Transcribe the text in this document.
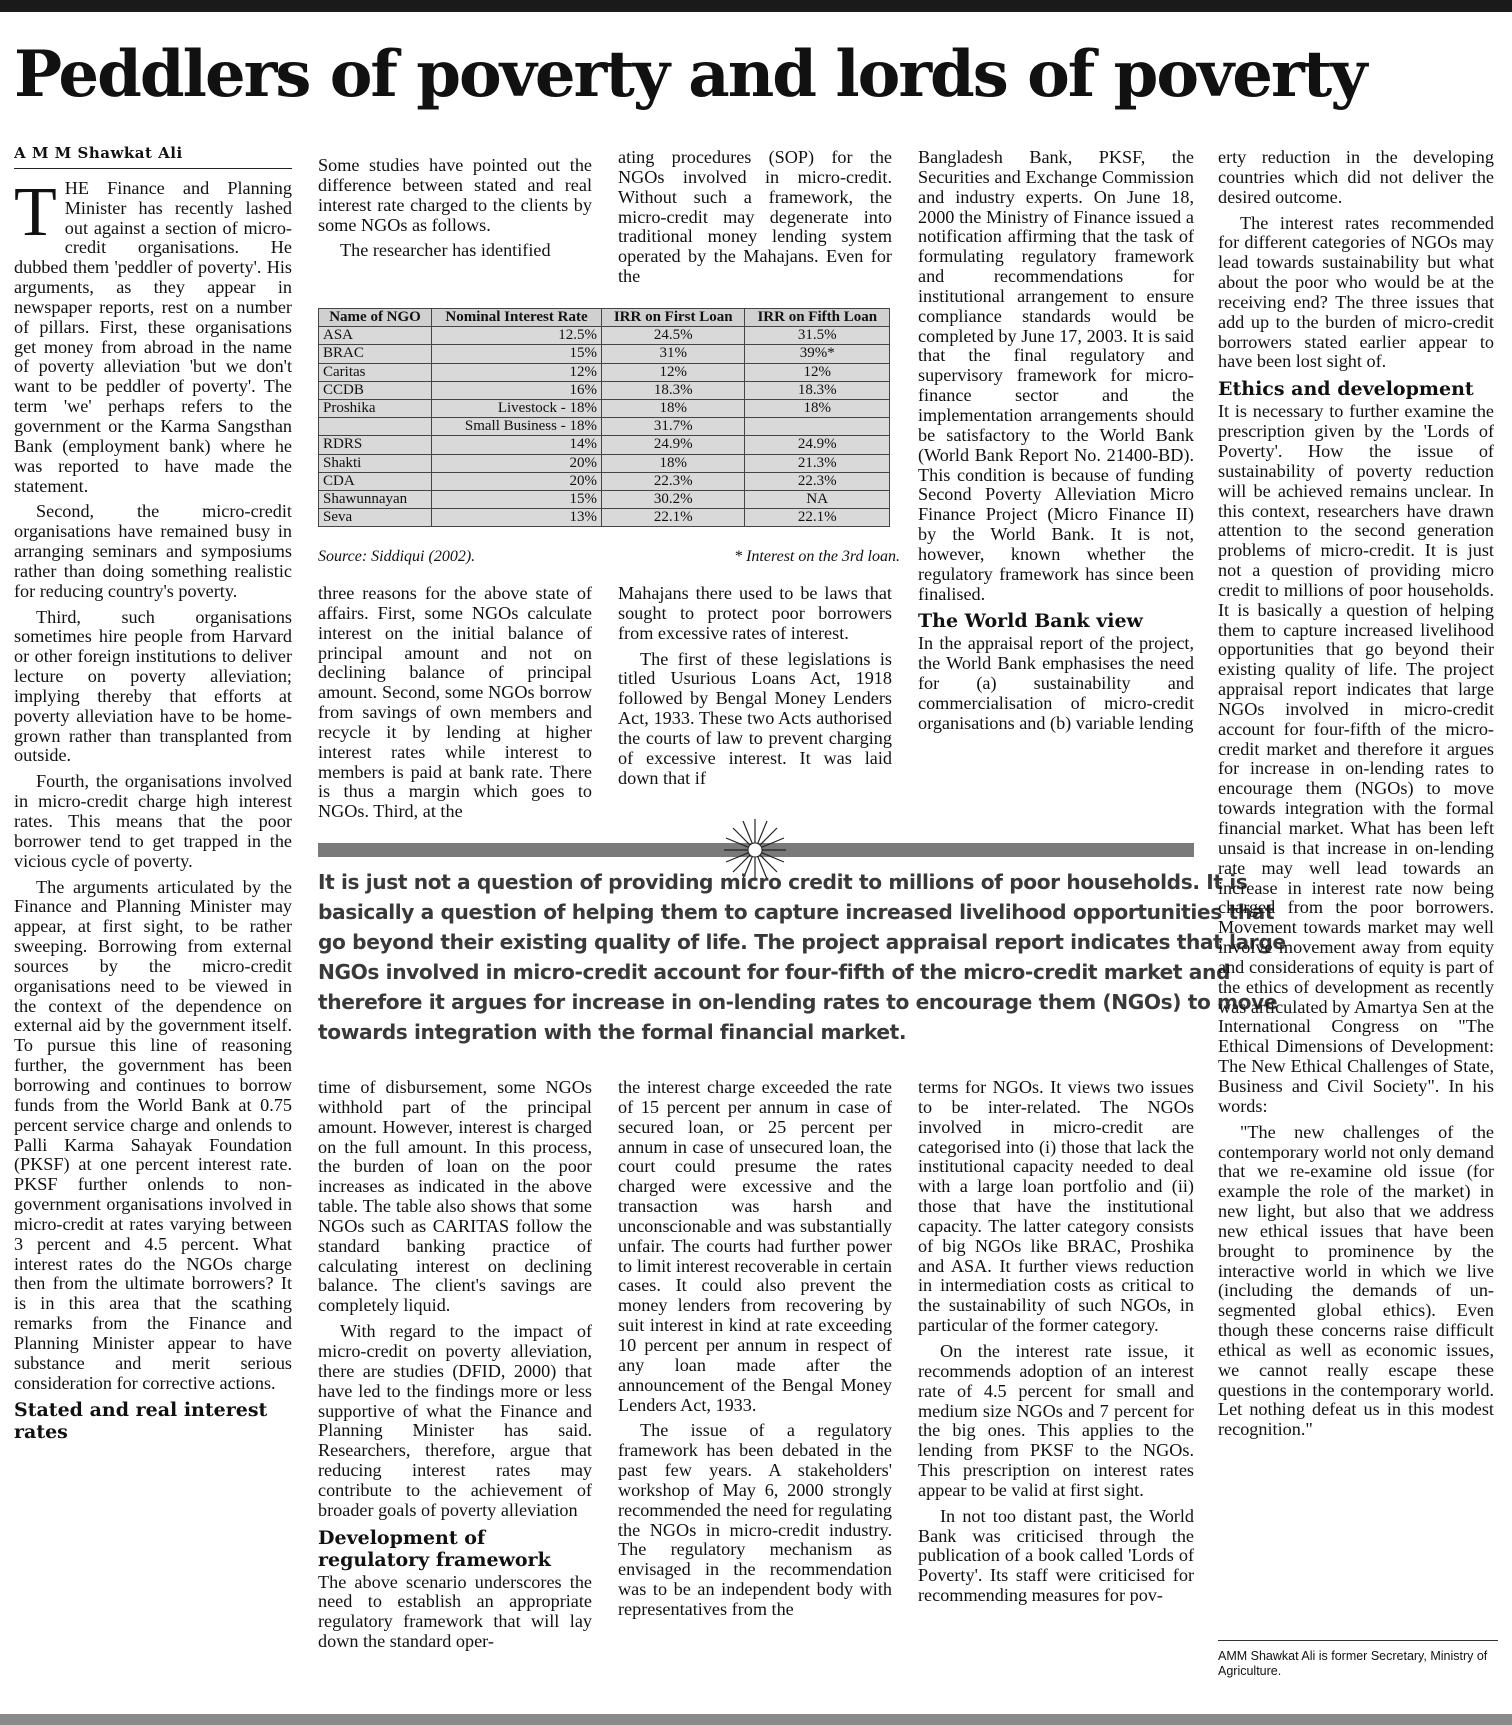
Peddlers of poverty and lords of poverty
A M M Shawkat Ali

THE Finance and Planning Minister has recently lashed out against a section of micro-credit organisations. He dubbed them 'peddler of poverty'. His arguments, as they appear in newspaper reports, rest on a number of pillars. First, these organisations get money from abroad in the name of poverty alleviation 'but we don't want to be peddler of poverty'. The term 'we' perhaps refers to the government or the Karma Sangsthan Bank (employment bank) where he was reported to have made the statement.

Second, the micro-credit organisations have remained busy in arranging seminars and symposiums rather than doing something realistic for reducing country's poverty.

Third, such organisations sometimes hire people from Harvard or other foreign institutions to deliver lecture on poverty alleviation; implying thereby that efforts at poverty alleviation have to be home-grown rather than transplanted from outside.

Fourth, the organisations involved in micro-credit charge high interest rates. This means that the poor borrower tend to get trapped in the vicious cycle of poverty.

The arguments articulated by the Finance and Planning Minister may appear, at first sight, to be rather sweeping. Borrowing from external sources by the micro-credit organisations need to be viewed in the context of the dependence on external aid by the government itself. To pursue this line of reasoning further, the government has been borrowing and continues to borrow funds from the World Bank at 0.75 percent service charge and onlends to Palli Karma Sahayak Foundation (PKSF) at one percent interest rate. PKSF further onlends to non-government organisations involved in micro-credit at rates varying between 3 percent and 4.5 percent. What interest rates do the NGOs charge then from the ultimate borrowers? It is in this area that the scathing remarks from the Finance and Planning Minister appear to have substance and merit serious consideration for corrective actions.

Stated and real interest rates

Some studies have pointed out the difference between stated and real interest rate charged to the clients by some NGOs as follows.

The researcher has identified

ating procedures (SOP) for the NGOs involved in micro-credit. Without such a framework, the micro-credit may degenerate into traditional money lending system operated by the Mahajans. Even for the

Bangladesh Bank, PKSF, the Securities and Exchange Commission and industry experts. On June 18, 2000 the Ministry of Finance issued a notification affirming that the task of formulating regulatory framework and recommendations for institutional arrangement to ensure compliance standards would be completed by June 17, 2003. It is said that the final regulatory and supervisory framework for micro-finance sector and the implementation arrangements should be satisfactory to the World Bank (World Bank Report No. 21400-BD). This condition is because of funding Second Poverty Alleviation Micro Finance Project (Micro Finance II) by the World Bank. It is not, however, known whether the regulatory framework has since been finalised.

The World Bank view

In the appraisal report of the project, the World Bank emphasises the need for (a) sustainability and commercialisation of micro-credit organisations and (b) variable lending

Name of NGO	Nominal Interest Rate	IRR on First Loan	IRR on Fifth Loan
ASA	12.5%	24.5%	31.5%
BRAC	15%	31%	39%*
Caritas	12%	12%	12%
CCDB	16%	18.3%	18.3%
Proshika	Livestock - 18%	18%	18%
	Small Business - 18%	31.7%	
RDRS	14%	24.9%	24.9%
Shakti	20%	18%	21.3%
CDA	20%	22.3%	22.3%
Shawunnayan	15%	30.2%	NA
Seva	13%	22.1%	22.1%
Source: Siddiqui (2002).	* Interest on the 3rd loan.

three reasons for the above state of affairs. First, some NGOs calculate interest on the initial balance of principal amount and not on declining balance of principal amount. Second, some NGOs borrow from savings of own members and recycle it by lending at higher interest rates while interest to members is paid at bank rate. There is thus a margin which goes to NGOs. Third, at the

Mahajans there used to be laws that sought to protect poor borrowers from excessive rates of interest.

The first of these legislations is titled Usurious Loans Act, 1918 followed by Bengal Money Lenders Act, 1933. These two Acts authorised the courts of law to prevent charging of excessive interest. It was laid down that if

It is just not a question of providing micro credit to millions of poor households. It is
basically a question of helping them to capture increased livelihood opportunities that
go beyond their existing quality of life. The project appraisal report indicates that large
NGOs involved in micro-credit account for four-fifth of the micro-credit market and
therefore it argues for increase in on-lending rates to encourage them (NGOs) to move
towards integration with the formal financial market.

time of disbursement, some NGOs withhold part of the principal amount. However, interest is charged on the full amount. In this process, the burden of loan on the poor increases as indicated in the above table. The table also shows that some NGOs such as CARITAS follow the standard banking practice of calculating interest on declining balance. The client's savings are completely liquid.

With regard to the impact of micro-credit on poverty alleviation, there are studies (DFID, 2000) that have led to the findings more or less supportive of what the Finance and Planning Minister has said. Researchers, therefore, argue that reducing interest rates may contribute to the achievement of broader goals of poverty alleviation

Development of regulatory framework

The above scenario underscores the need to establish an appropriate regulatory framework that will lay down the standard oper-

the interest charge exceeded the rate of 15 percent per annum in case of secured loan, or 25 percent per annum in case of unsecured loan, the court could presume the rates charged were excessive and the transaction was harsh and unconscionable and was substantially unfair. The courts had further power to limit interest recoverable in certain cases. It could also prevent the money lenders from recovering by suit interest in kind at rate exceeding 10 percent per annum in respect of any loan made after the announcement of the Bengal Money Lenders Act, 1933.

The issue of a regulatory framework has been debated in the past few years. A stakeholders' workshop of May 6, 2000 strongly recommended the need for regulating the NGOs in micro-credit industry. The regulatory mechanism as envisaged in the recommendation was to be an independent body with representatives from the

terms for NGOs. It views two issues to be inter-related. The NGOs involved in micro-credit are categorised into (i) those that lack the institutional capacity needed to deal with a large loan portfolio and (ii) those that have the institutional capacity. The latter category consists of big NGOs like BRAC, Proshika and ASA. It further views reduction in intermediation costs as critical to the sustainability of such NGOs, in particular of the former category.

On the interest rate issue, it recommends adoption of an interest rate of 4.5 percent for small and medium size NGOs and 7 percent for the big ones. This applies to the lending from PKSF to the NGOs. This prescription on interest rates appear to be valid at first sight.

In not too distant past, the World Bank was criticised through the publication of a book called 'Lords of Poverty'. Its staff were criticised for recommending measures for pov-

erty reduction in the developing countries which did not deliver the desired outcome.

The interest rates recommended for different categories of NGOs may lead towards sustainability but what about the poor who would be at the receiving end? The three issues that add up to the burden of micro-credit borrowers stated earlier appear to have been lost sight of.

Ethics and development

It is necessary to further examine the prescription given by the 'Lords of Poverty'. How the issue of sustainability of poverty reduction will be achieved remains unclear. In this context, researchers have drawn attention to the second generation problems of micro-credit. It is just not a question of providing micro credit to millions of poor households. It is basically a question of helping them to capture increased livelihood opportunities that go beyond their existing quality of life. The project appraisal report indicates that large NGOs involved in micro-credit account for four-fifth of the micro-credit market and therefore it argues for increase in on-lending rates to encourage them (NGOs) to move towards integration with the formal financial market. What has been left unsaid is that increase in on-lending rate may well lead towards an increase in interest rate now being charged from the poor borrowers. Movement towards market may well involve movement away from equity and considerations of equity is part of the ethics of development as recently was articulated by Amartya Sen at the International Congress on "The Ethical Dimensions of Development: The New Ethical Challenges of State, Business and Civil Society". In his words:

"The new challenges of the contemporary world not only demand that we re-examine old issue (for example the role of the market) in new light, but also that we address new ethical issues that have been brought to prominence by the interactive world in which we live (including the demands of un-segmented global ethics). Even though these concerns raise difficult ethical as well as economic issues, we cannot really escape these questions in the contemporary world. Let nothing defeat us in this modest recognition."

AMM Shawkat Ali is former Secretary, Ministry of Agriculture.
